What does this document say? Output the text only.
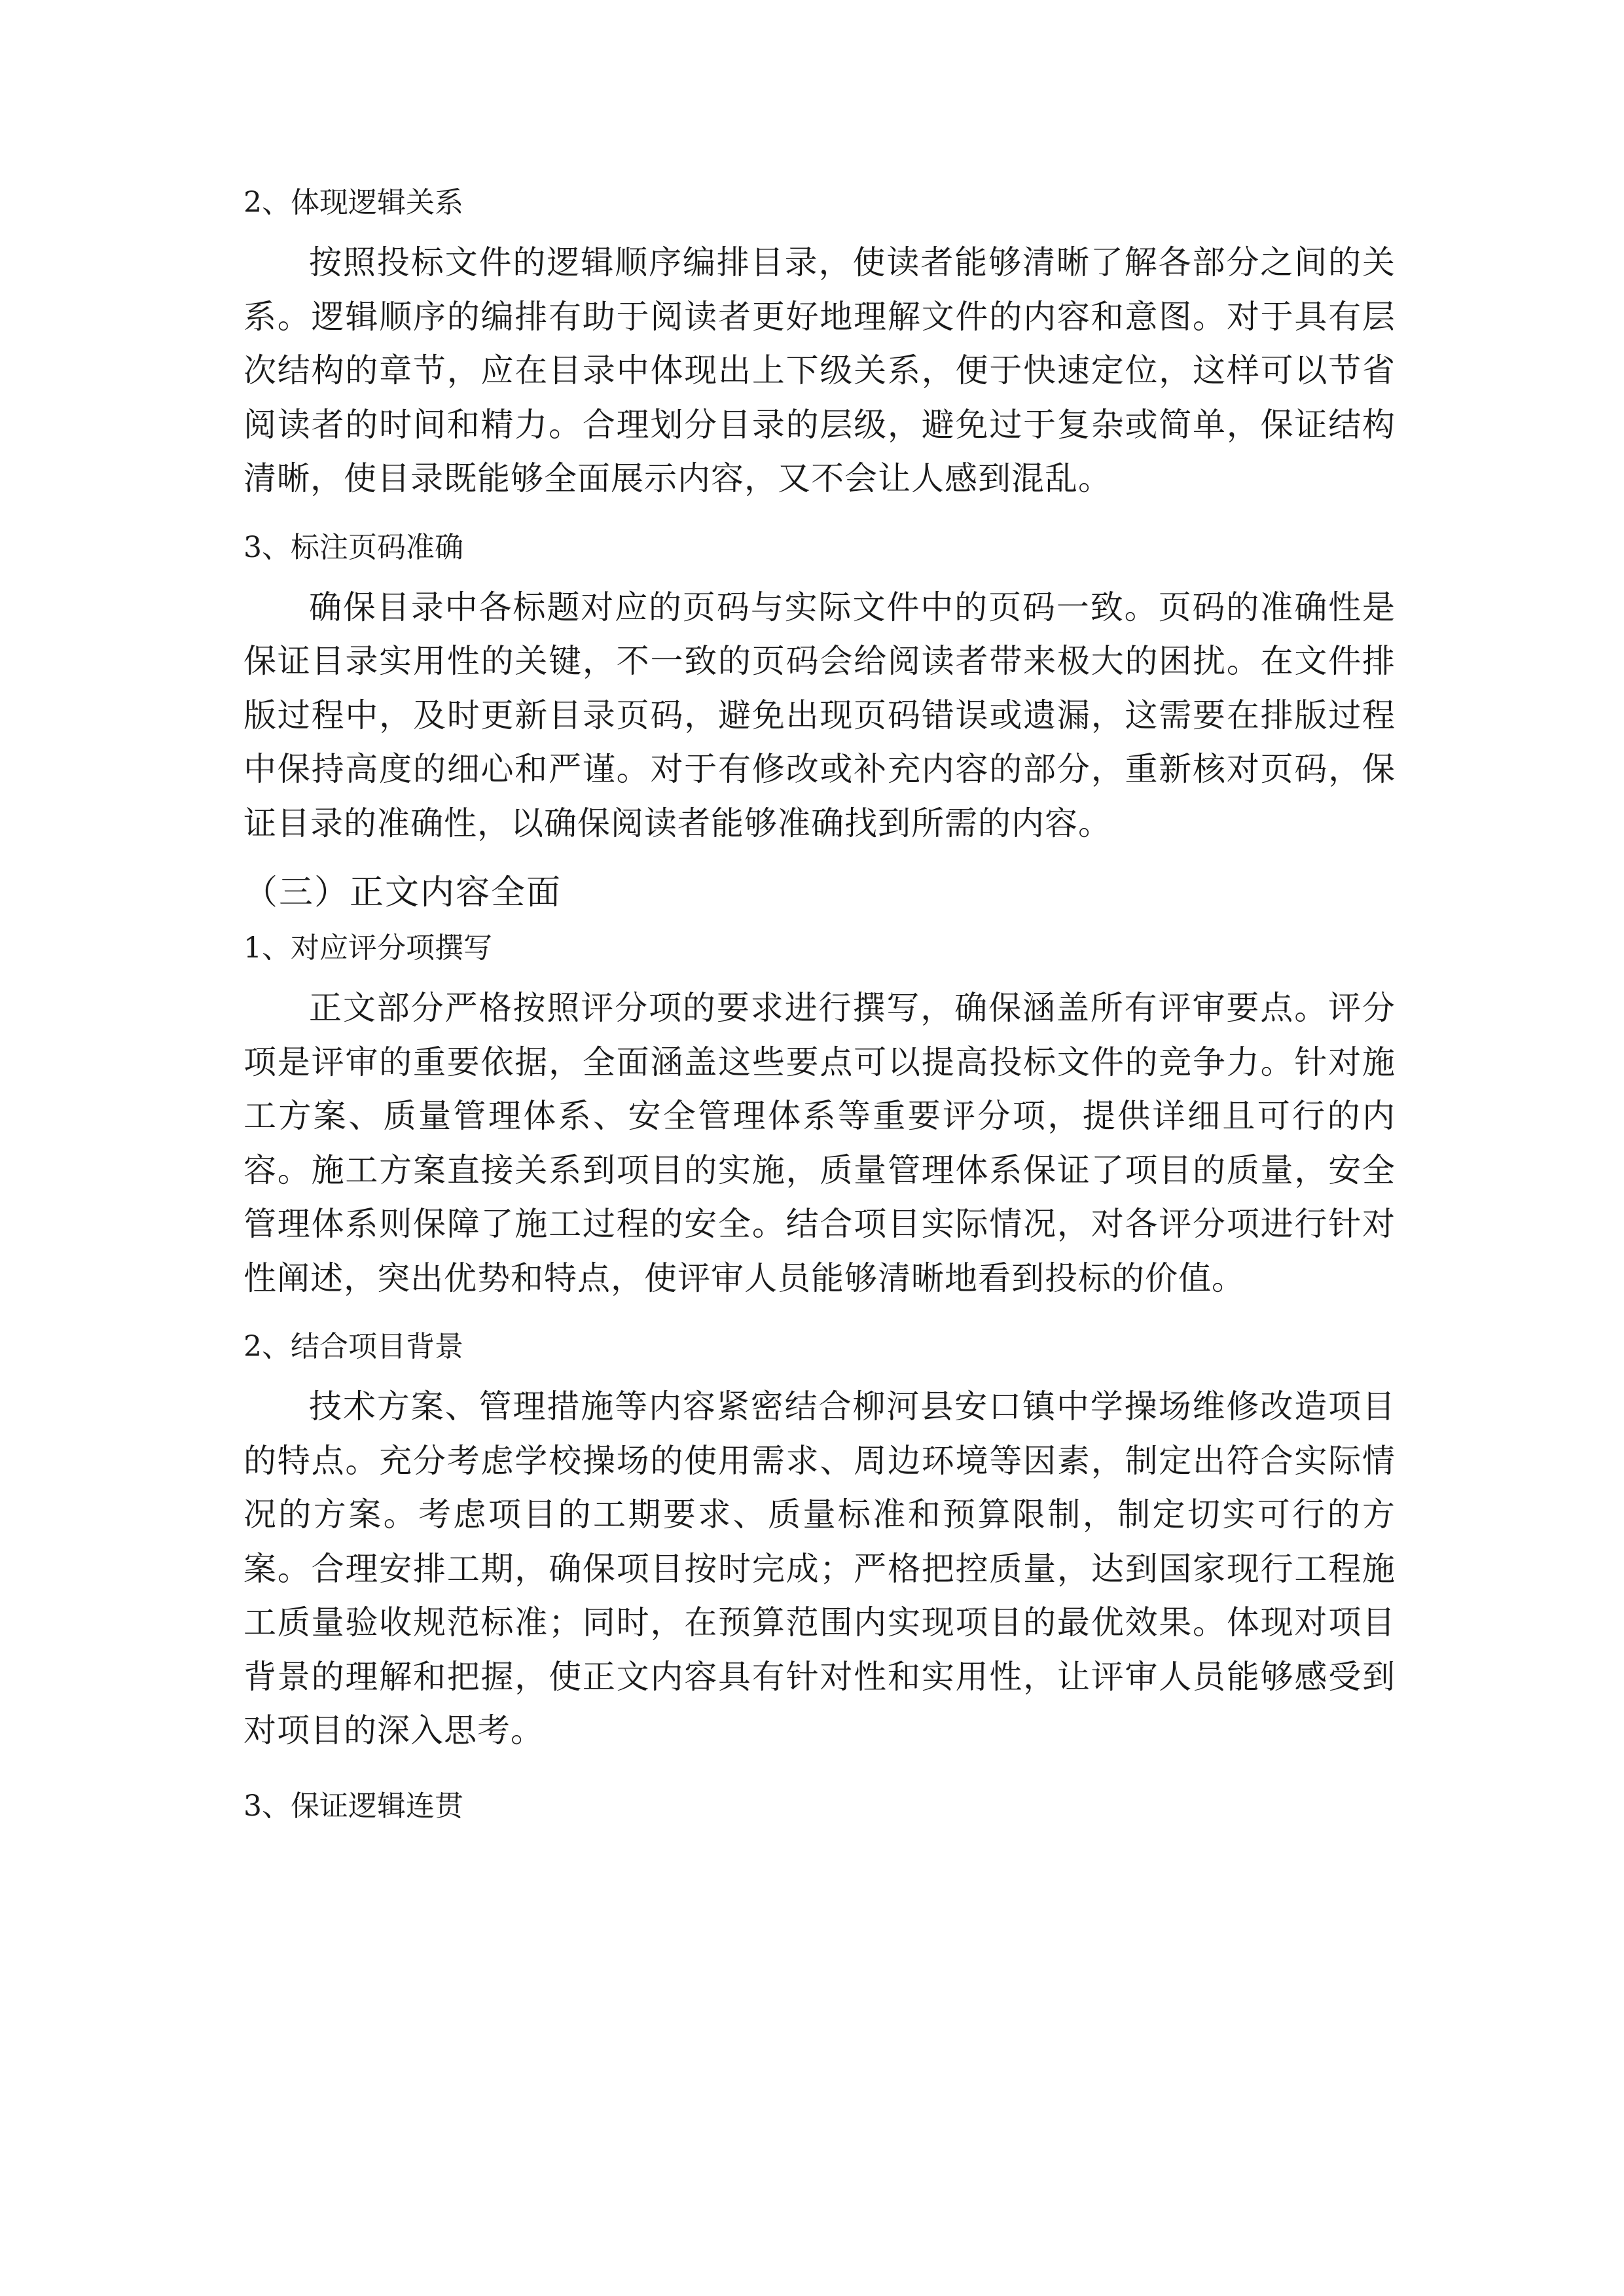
2、体现逻辑关系

按照投标文件的逻辑顺序编排目录，使读者能够清晰了解各部分之间的关系。逻辑顺序的编排有助于阅读者更好地理解文件的内容和意图。对于具有层次结构的章节，应在目录中体现出上下级关系，便于快速定位，这样可以节省阅读者的时间和精力。合理划分目录的层级，避免过于复杂或简单，保证结构清晰，使目录既能够全面展示内容，又不会让人感到混乱。

3、标注页码准确

确保目录中各标题对应的页码与实际文件中的页码一致。页码的准确性是保证目录实用性的关键，不一致的页码会给阅读者带来极大的困扰。在文件排版过程中，及时更新目录页码，避免出现页码错误或遗漏，这需要在排版过程中保持高度的细心和严谨。对于有修改或补充内容的部分，重新核对页码，保证目录的准确性，以确保阅读者能够准确找到所需的内容。

（三）正文内容全面

1、对应评分项撰写

正文部分严格按照评分项的要求进行撰写，确保涵盖所有评审要点。评分项是评审的重要依据，全面涵盖这些要点可以提高投标文件的竞争力。针对施工方案、质量管理体系、安全管理体系等重要评分项，提供详细且可行的内容。施工方案直接关系到项目的实施，质量管理体系保证了项目的质量，安全管理体系则保障了施工过程的安全。结合项目实际情况，对各评分项进行针对性阐述，突出优势和特点，使评审人员能够清晰地看到投标的价值。

2、结合项目背景

技术方案、管理措施等内容紧密结合柳河县安口镇中学操场维修改造项目的特点。充分考虑学校操场的使用需求、周边环境等因素，制定出符合实际情况的方案。考虑项目的工期要求、质量标准和预算限制，制定切实可行的方案。合理安排工期，确保项目按时完成；严格把控质量，达到国家现行工程施工质量验收规范标准；同时，在预算范围内实现项目的最优效果。体现对项目背景的理解和把握，使正文内容具有针对性和实用性，让评审人员能够感受到对项目的深入思考。

3、保证逻辑连贯
